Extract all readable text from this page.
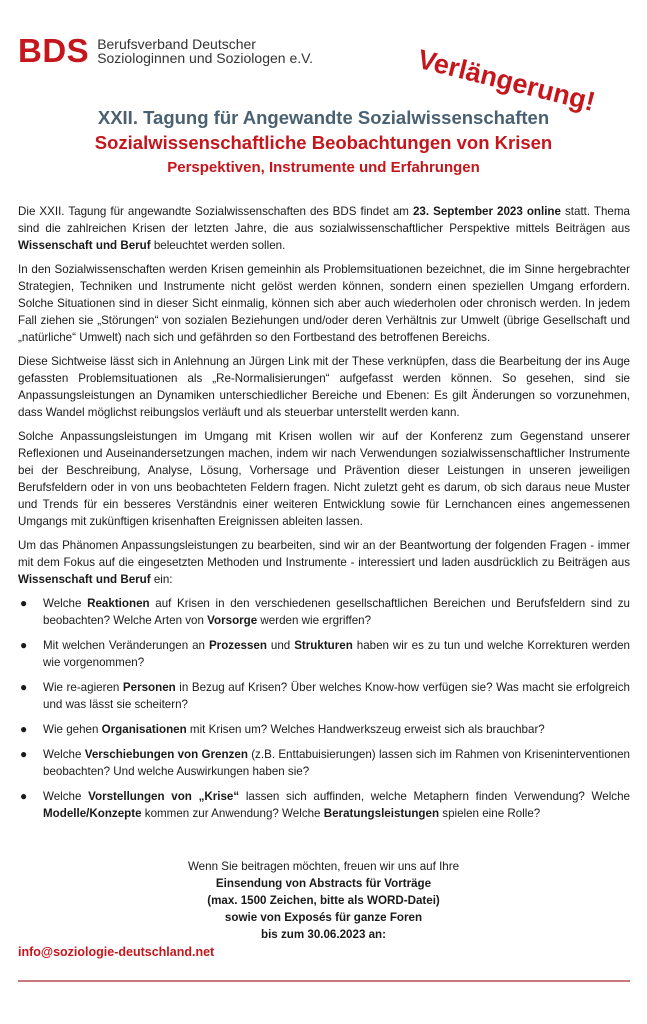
BDS Berufsverband Deutscher
Soziologinnen und Soziologen e.V.	Verlängerung!
XXII. Tagung für Angewandte Sozialwissenschaften
Sozialwissenschaftliche Beobachtungen von Krisen
Perspektiven, Instrumente und Erfahrungen

Die XXII. Tagung für angewandte Sozialwissenschaften des BDS findet am 23. September 2023 online statt. Thema sind die zahlreichen Krisen der letzten Jahre, die aus sozialwissenschaftlicher Perspektive mittels Beiträgen aus Wissenschaft und Beruf beleuchtet werden sollen.

In den Sozialwissenschaften werden Krisen gemeinhin als Problemsituationen bezeichnet, die im Sinne hergebrachter Strategien, Techniken und Instrumente nicht gelöst werden können, sondern einen speziellen Umgang erfordern. Solche Situationen sind in dieser Sicht einmalig, können sich aber auch wiederholen oder chronisch werden. In jedem Fall ziehen sie „Störungen“ von sozialen Beziehungen und/oder deren Verhältnis zur Umwelt (übrige Gesellschaft und „natürliche“ Umwelt) nach sich und gefährden so den Fortbestand des betroffenen Bereichs.

Diese Sichtweise lässt sich in Anlehnung an Jürgen Link mit der These verknüpfen, dass die Bearbeitung der ins Auge gefassten Problemsituationen als „Re-Normalisierungen“ aufgefasst werden können. So gesehen, sind sie Anpassungsleistungen an Dynamiken unterschiedlicher Bereiche und Ebenen: Es gilt Änderungen so vorzunehmen, dass Wandel möglichst reibungslos verläuft und als steuerbar unterstellt werden kann.

Solche Anpassungsleistungen im Umgang mit Krisen wollen wir auf der Konferenz zum Gegenstand unserer Reflexionen und Auseinandersetzungen machen, indem wir nach Verwendungen sozialwissenschaftlicher Instrumente bei der Beschreibung, Analyse, Lösung, Vorhersage und Prävention dieser Leistungen in unseren jeweiligen Berufsfeldern oder in von uns beobachteten Feldern fragen. Nicht zuletzt geht es darum, ob sich daraus neue Muster und Trends für ein besseres Verständnis einer weiteren Entwicklung sowie für Lernchancen eines angemessenen Umgangs mit zukünftigen krisenhaften Ereignissen ableiten lassen.

Um das Phänomen Anpassungsleistungen zu bearbeiten, sind wir an der Beantwortung der folgenden Fragen - immer mit dem Fokus auf die eingesetzten Methoden und Instrumente - interessiert und laden ausdrücklich zu Beiträgen aus Wissenschaft und Beruf ein:

● Welche Reaktionen auf Krisen in den verschiedenen gesellschaftlichen Bereichen und Berufsfeldern sind zu beobachten? Welche Arten von Vorsorge werden wie ergriffen?
● Mit welchen Veränderungen an Prozessen und Strukturen haben wir es zu tun und welche Korrekturen werden wie vorgenommen?
● Wie re-agieren Personen in Bezug auf Krisen? Über welches Know-how verfügen sie? Was macht sie erfolgreich und was lässt sie scheitern?
● Wie gehen Organisationen mit Krisen um? Welches Handwerkszeug erweist sich als brauchbar?
● Welche Verschiebungen von Grenzen (z.B. Enttabuisierungen) lassen sich im Rahmen von Kriseninterventionen beobachten? Und welche Auswirkungen haben sie?
● Welche Vorstellungen von „Krise“ lassen sich auffinden, welche Metaphern finden Verwendung? Welche Modelle/Konzepte kommen zur Anwendung? Welche Beratungsleistungen spielen eine Rolle?
Wenn Sie beitragen möchten, freuen wir uns auf Ihre
Einsendung von Abstracts für Vorträge
(max. 1500 Zeichen, bitte als WORD-Datei)
sowie von Exposés für ganze Foren
bis zum 30.06.2023 an:
info@soziologie-deutschland.net
